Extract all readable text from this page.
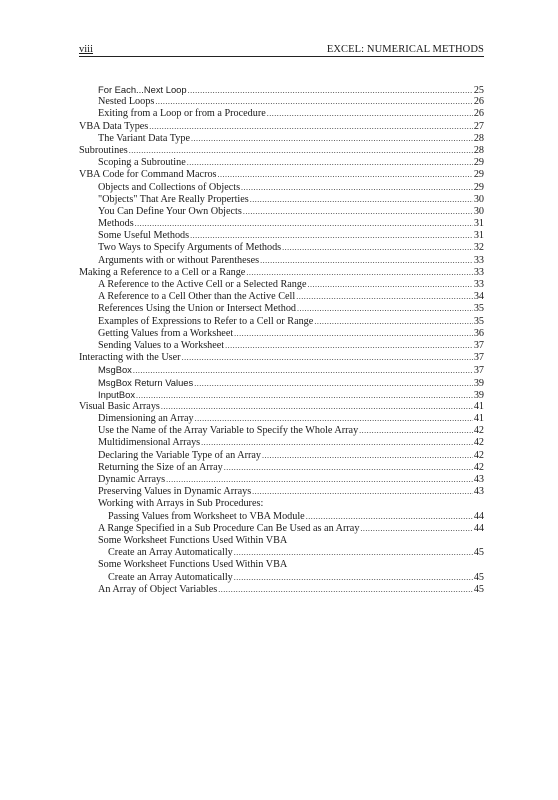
viii	EXCEL: NUMERICAL METHODS
For Each...Next Loop .....	25
Nested Loops .....	26
Exiting from a Loop or from a Procedure .....	26
VBA Data Types .....	27
The Variant Data Type .....	28
Subroutines .....	28
Scoping a Subroutine .....	29
VBA Code for Command Macros .....	29
Objects and Collections of Objects .....	29
"Objects" That Are Really Properties .....	30
You Can Define Your Own Objects .....	30
Methods .....	31
Some Useful Methods .....	31
Two Ways to Specify Arguments of Methods .....	32
Arguments with or without Parentheses .....	33
Making a Reference to a Cell or a Range .....	33
A Reference to the Active Cell or a Selected Range .....	33
A Reference to a Cell Other than the Active Cell .....	34
References Using the Union or Intersect Method .....	35
Examples of Expressions to Refer to a Cell or Range .....	35
Getting Values from a Worksheet .....	36
Sending Values to a Worksheet .....	37
Interacting with the User .....	37
MsgBox .....	37
MsgBox Return Values .....	39
InputBox .....	39
Visual Basic Arrays .....	41
Dimensioning an Array .....	41
Use the Name of the Array Variable to Specify the Whole Array .....	42
Multidimensional Arrays .....	42
Declaring the Variable Type of an Array .....	42
Returning the Size of an Array .....	42
Dynamic Arrays .....	43
Preserving Values in Dynamic Arrays .....	43
Working with Arrays in Sub Procedures:
Passing Values from Worksheet to VBA Module .....	44
A Range Specified in a Sub Procedure Can Be Used as an Array .....	44
Some Worksheet Functions Used Within VBA
Create an Array Automatically .....	45
Some Worksheet Functions Used Within VBA
Create an Array Automatically .....	45
An Array of Object Variables .....	45
